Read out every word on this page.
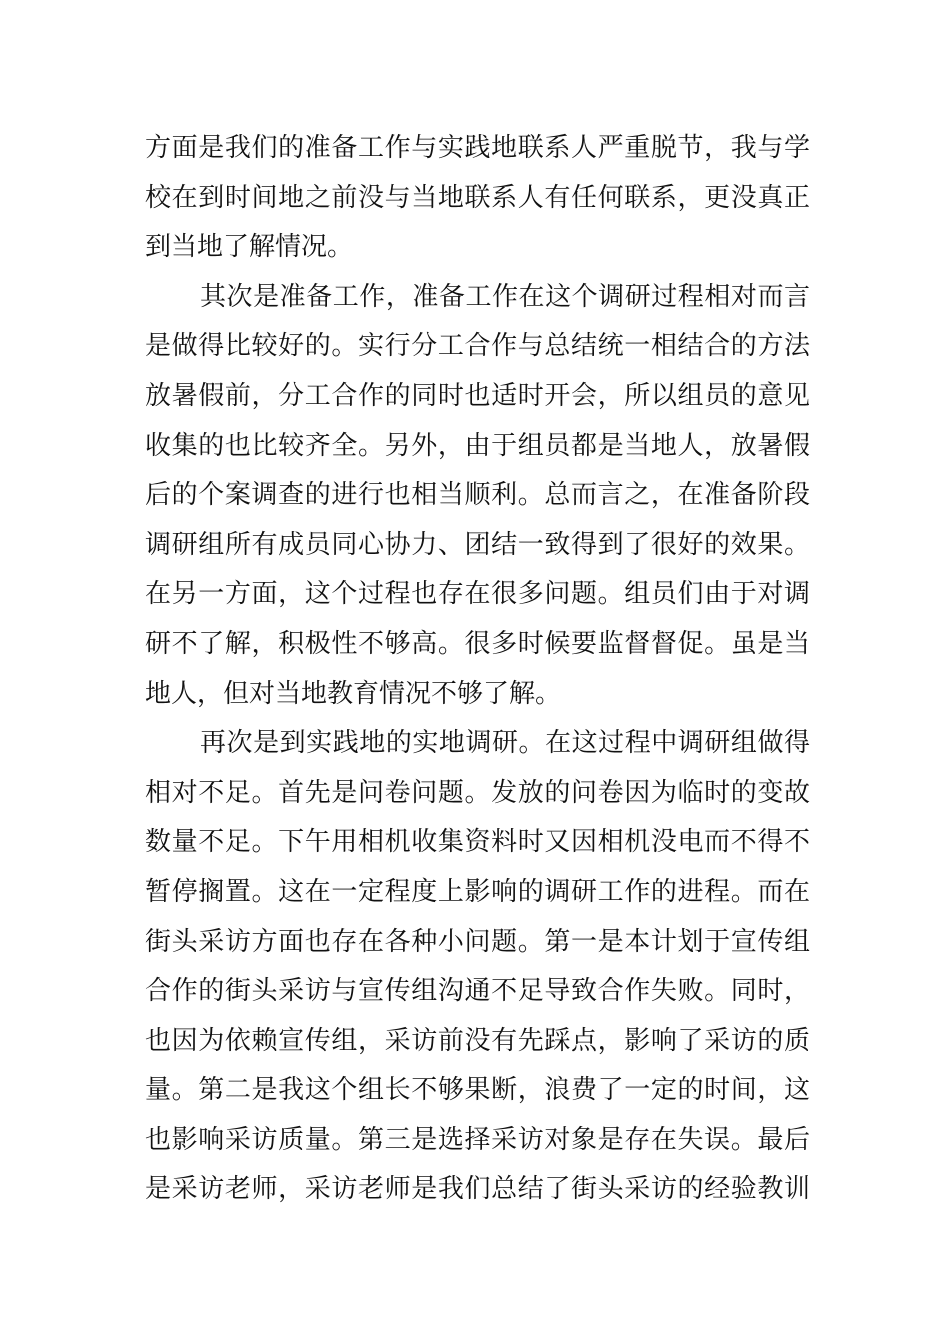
方面是我们的准备工作与实践地联系人严重脱节，我与学
校在到时间地之前没与当地联系人有任何联系，更没真正
到当地了解情况。
其次是准备工作，准备工作在这个调研过程相对而言
是做得比较好的。实行分工合作与总结统一相结合的方法
放暑假前，分工合作的同时也适时开会，所以组员的意见
收集的也比较齐全。另外，由于组员都是当地人，放暑假
后的个案调查的进行也相当顺利。总而言之，在准备阶段
调研组所有成员同心协力、团结一致得到了很好的效果。
在另一方面，这个过程也存在很多问题。组员们由于对调
研不了解，积极性不够高。很多时候要监督督促。虽是当
地人，但对当地教育情况不够了解。
再次是到实践地的实地调研。在这过程中调研组做得
相对不足。首先是问卷问题。发放的问卷因为临时的变故
数量不足。下午用相机收集资料时又因相机没电而不得不
暂停搁置。这在一定程度上影响的调研工作的进程。而在
街头采访方面也存在各种小问题。第一是本计划于宣传组
合作的街头采访与宣传组沟通不足导致合作失败。同时，
也因为依赖宣传组，采访前没有先踩点，影响了采访的质
量。第二是我这个组长不够果断，浪费了一定的时间，这
也影响采访质量。第三是选择采访对象是存在失误。最后
是采访老师，采访老师是我们总结了街头采访的经验教训
